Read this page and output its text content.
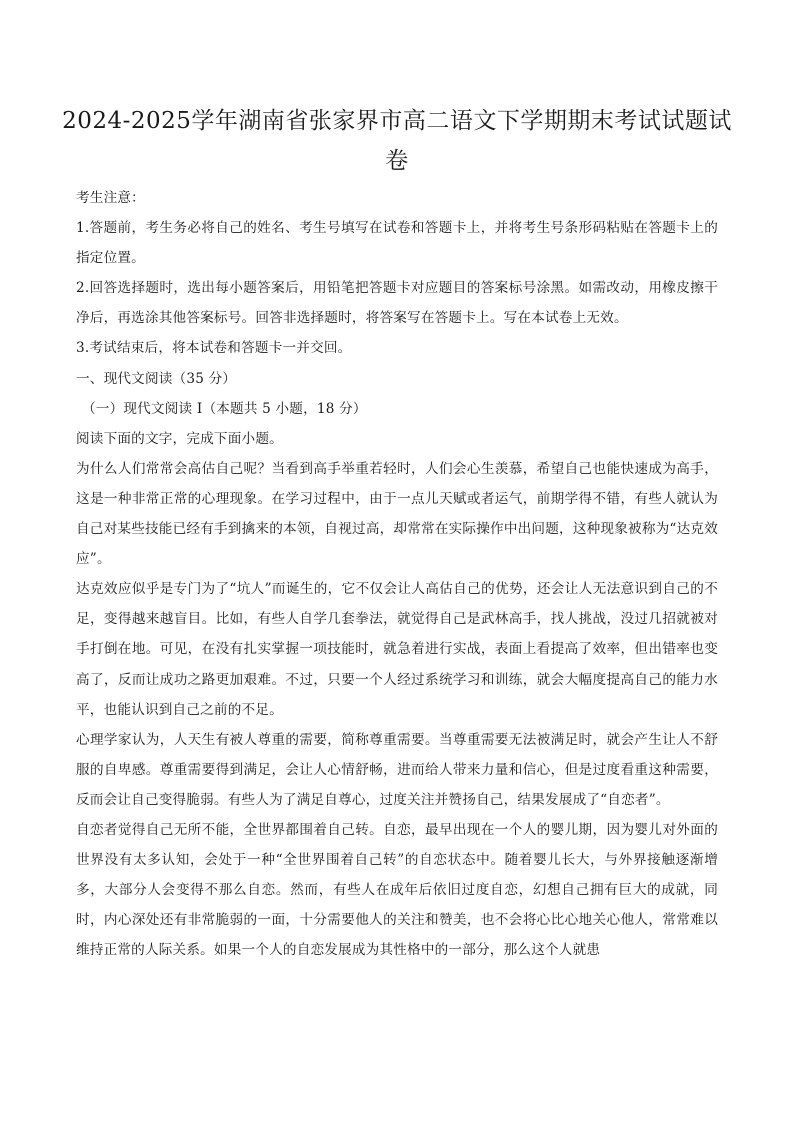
2024-2025学年湖南省张家界市高二语文下学期期末考试试题试卷

考生注意：

1.答题前，考生务必将自己的姓名、考生号填写在试卷和答题卡上，并将考生号条形码粘贴在答题卡上的指定位置。

2.回答选择题时，选出每小题答案后，用铅笔把答题卡对应题目的答案标号涂黑。如需改动，用橡皮擦干净后，再选涂其他答案标号。回答非选择题时，将答案写在答题卡上。写在本试卷上无效。

3.考试结束后，将本试卷和答题卡一并交回。

一、现代文阅读（35 分）

（一）现代文阅读 I（本题共 5 小题，18 分）

阅读下面的文字，完成下面小题。

为什么人们常常会高估自己呢？当看到高手举重若轻时，人们会心生羡慕，希望自己也能快速成为高手，这是一种非常正常的心理现象。在学习过程中，由于一点儿天赋或者运气，前期学得不错，有些人就认为自己对某些技能已经有手到擒来的本领，自视过高，却常常在实际操作中出问题，这种现象被称为“达克效应”。

达克效应似乎是专门为了“坑人”而诞生的，它不仅会让人高估自己的优势，还会让人无法意识到自己的不足，变得越来越盲目。比如，有些人自学几套拳法，就觉得自己是武林高手，找人挑战，没过几招就被对手打倒在地。可见，在没有扎实掌握一项技能时，就急着进行实战，表面上看提高了效率，但出错率也变高了，反而让成功之路更加艰难。不过，只要一个人经过系统学习和训练，就会大幅度提高自己的能力水平，也能认识到自己之前的不足。

心理学家认为，人天生有被人尊重的需要，简称尊重需要。当尊重需要无法被满足时，就会产生让人不舒服的自卑感。尊重需要得到满足，会让人心情舒畅，进而给人带来力量和信心，但是过度看重这种需要，反而会让自己变得脆弱。有些人为了满足自尊心，过度关注并赞扬自己，结果发展成了“自恋者”。

自恋者觉得自己无所不能，全世界都围着自己转。自恋，最早出现在一个人的婴儿期，因为婴儿对外面的世界没有太多认知，会处于一种“全世界围着自己转”的自恋状态中。随着婴儿长大，与外界接触逐渐增多，大部分人会变得不那么自恋。然而，有些人在成年后依旧过度自恋，幻想自己拥有巨大的成就，同时，内心深处还有非常脆弱的一面，十分需要他人的关注和赞美，也不会将心比心地关心他人，常常难以维持正常的人际关系。如果一个人的自恋发展成为其性格中的一部分，那么这个人就患
